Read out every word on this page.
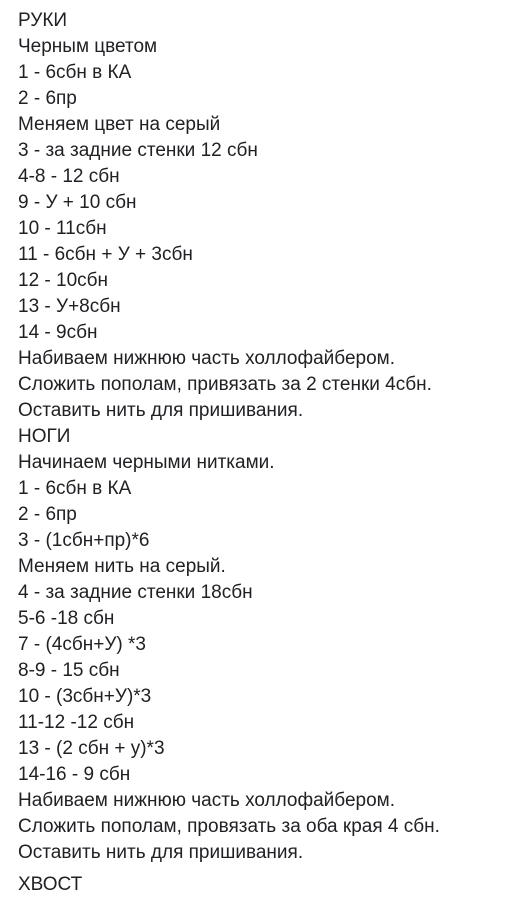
РУКИ
Черным цветом
1 - 6сбн в КА
2 - 6пр
Меняем цвет на серый
3 - за задние стенки 12 сбн
4-8 - 12 сбн
9 - У + 10 сбн
10 - 11сбн
11 - 6сбн + У + 3сбн
12 - 10сбн
13 - У+8сбн
14 - 9сбн
Набиваем нижнюю часть холлофайбером.
Сложить пополам, привязать за 2 стенки 4сбн.
Оставить нить для пришивания.
НОГИ
Начинаем черными нитками.
1 - 6сбн в КА
2 - 6пр
3 - (1сбн+пр)*6
Меняем нить на серый.
4 - за задние стенки 18сбн
5-6 -18 сбн
7 - (4сбн+У) *3
8-9 - 15 сбн
10 - (3сбн+У)*3
11-12 -12 сбн
13 - (2 сбн + у)*3
14-16 - 9 сбн
Набиваем нижнюю часть холлофайбером.
Сложить пополам, провязать за оба края 4 сбн.
Оставить нить для пришивания.
ХВОСТ
